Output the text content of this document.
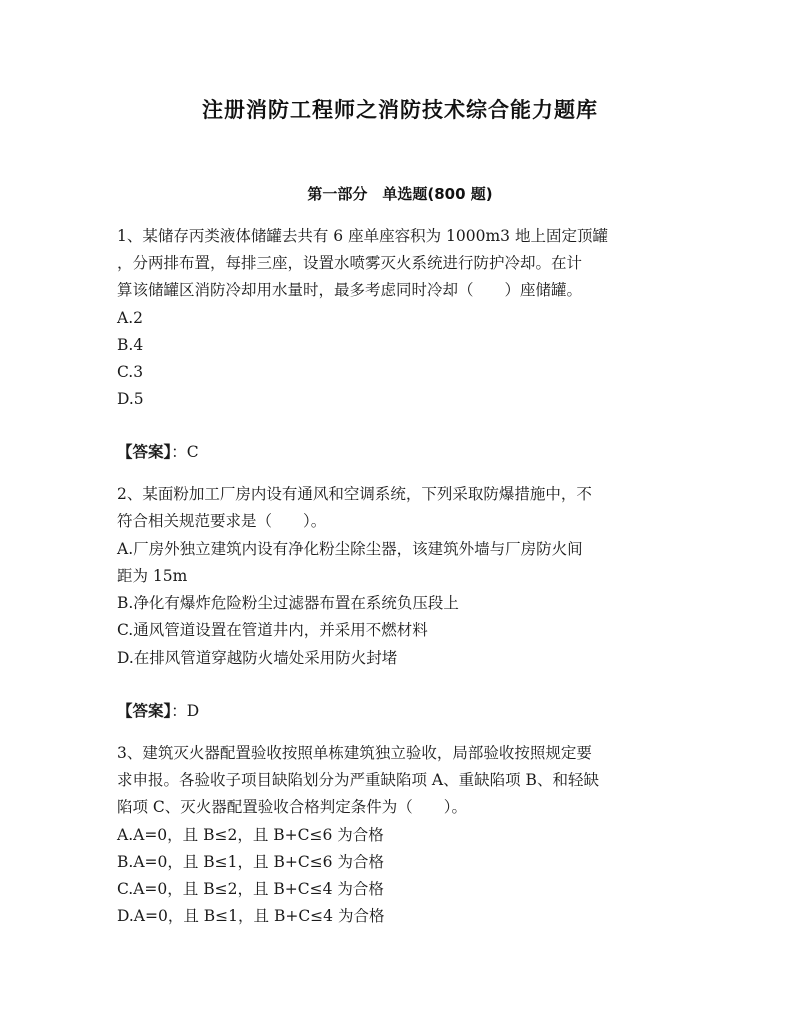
注册消防工程师之消防技术综合能力题库
第一部分　单选题(800 题)
1、某储存丙类液体储罐去共有 6 座单座容积为 1000m3 地上固定顶罐
，分两排布置，每排三座，设置水喷雾灭火系统进行防护冷却。在计
算该储罐区消防冷却用水量时，最多考虑同时冷却（　　）座储罐。
A.2
B.4
C.3
D.5
【答案】：C
2、某面粉加工厂房内设有通风和空调系统，下列采取防爆措施中，不
符合相关规范要求是（　　）。
A.厂房外独立建筑内设有净化粉尘除尘器，该建筑外墙与厂房防火间
距为 15m
B.净化有爆炸危险粉尘过滤器布置在系统负压段上
C.通风管道设置在管道井内，并采用不燃材料
D.在排风管道穿越防火墙处采用防火封堵
【答案】：D
3、建筑灭火器配置验收按照单栋建筑独立验收，局部验收按照规定要
求申报。各验收子项目缺陷划分为严重缺陷项 A、重缺陷项 B、和轻缺
陷项 C、灭火器配置验收合格判定条件为（　　）。
A.A=0，且 B≤2，且 B+C≤6 为合格
B.A=0，且 B≤1，且 B+C≤6 为合格
C.A=0，且 B≤2，且 B+C≤4 为合格
D.A=0，且 B≤1，且 B+C≤4 为合格
